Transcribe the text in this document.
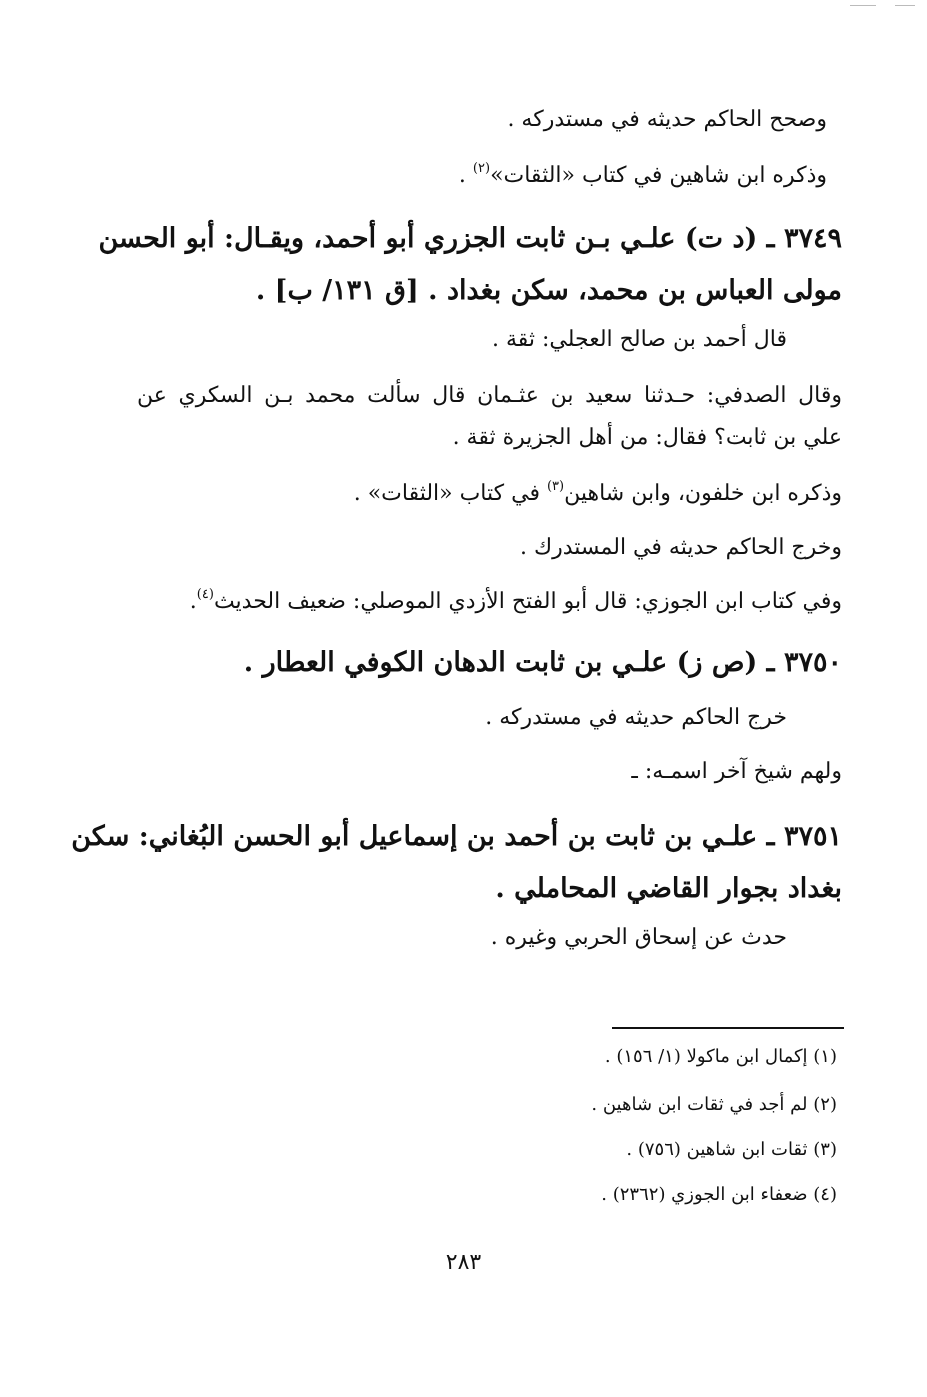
وصحح الحاكم حديثه في مستدركه .
وذكره ابن شاهين في كتاب «الثقات»$^{(٢)}$ .
٣٧٤٩ ـ (د ت) علـي بـن ثابت الجزري أبو أحمد، ويقـال: أبو الحسن
مولى العباس بن محمد، سكن بغداد . [ق ١٣١/ ب] .
قال أحمد بن صالح العجلي: ثقة .
وقال الصدفي: حـدثنا سعيد بن عثـمان قال سألت محمد بـن السكري عن
علي بن ثابت؟ فقال: من أهل الجزيرة ثقة .
وذكره ابن خلفون، وابن شاهين$^{(٣)}$ في كتاب «الثقات» .
وخرج الحاكم حديثه في المستدرك .
وفي كتاب ابن الجوزي: قال أبو الفتح الأزدي الموصلي: ضعيف الحديث$^{(٤)}$.
٣٧٥٠ ـ (ص ز) علـي بن ثابت الدهان الكوفي العطار .
خرج الحاكم حديثه في مستدركه .
ولهم شيخ آخر اسمـه: ـ
٣٧٥١ ـ علـي بن ثابت بن أحمد بن إسماعيل أبو الحسن البُغاني: سكن
بغداد بجوار القاضي المحاملي .
حدث عن إسحاق الحربي وغيره .
(١) إكمال ابن ماكولا (١/ ١٥٦) .
(٢) لم أجد في ثقات ابن شاهين .
(٣) ثقات ابن شاهين (٧٥٦) .
(٤) ضعفاء ابن الجوزي (٢٣٦٢) .
٢٨٣
